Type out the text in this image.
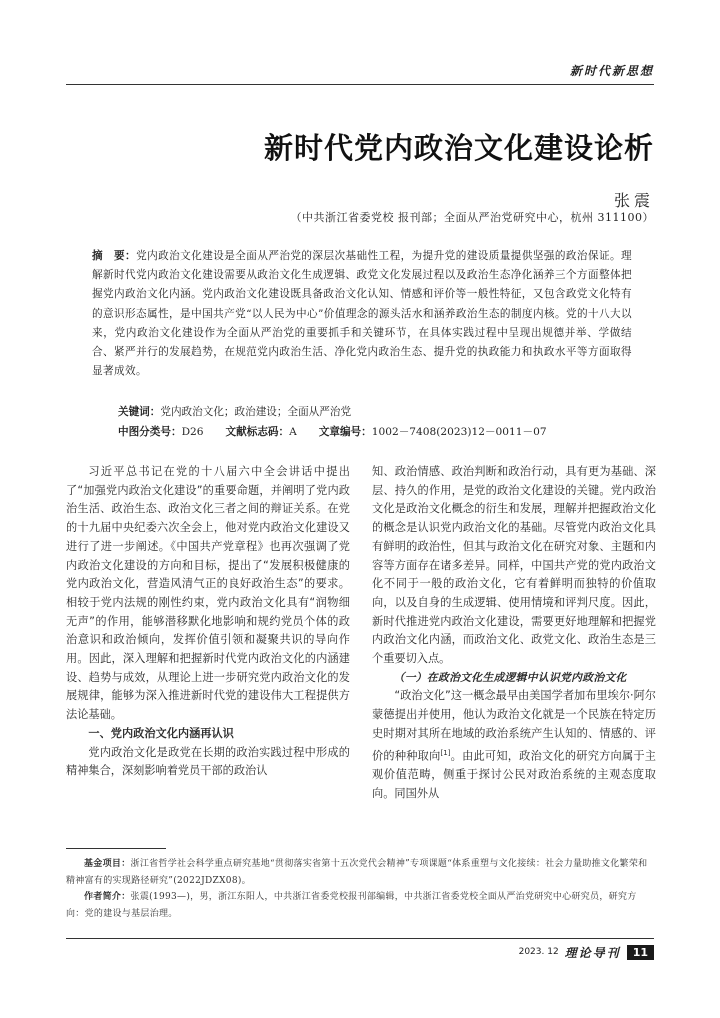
新时代新思想
新时代党内政治文化建设论析
张震
（中共浙江省委党校 报刊部；全面从严治党研究中心，杭州 311100）
摘　要：党内政治文化建设是全面从严治党的深层次基础性工程，为提升党的建设质量提供坚强的政治保证。理解新时代党内政治文化建设需要从政治文化生成逻辑、政党文化发展过程以及政治生态净化涵养三个方面整体把握党内政治文化内涵。党内政治文化建设既具备政治文化认知、情感和评价等一般性特征，又包含政党文化特有的意识形态属性，是中国共产党“以人民为中心”价值理念的源头活水和涵养政治生态的制度内核。党的十八大以来，党内政治文化建设作为全面从严治党的重要抓手和关键环节，在具体实践过程中呈现出规德并举、学做结合、紧严并行的发展趋势，在规范党内政治生活、净化党内政治生态、提升党的执政能力和执政水平等方面取得显著成效。
关键词：党内政治文化；政治建设；全面从严治党
中图分类号：D26 文献标志码：A 文章编号：1002－7408(2023)12－0011－07

习近平总书记在党的十八届六中全会讲话中提出了“加强党内政治文化建设”的重要命题，并阐明了党内政治生活、政治生态、政治文化三者之间的辩证关系。在党的十九届中央纪委六次全会上，他对党内政治文化建设又进行了进一步阐述。《中国共产党章程》也再次强调了党内政治文化建设的方向和目标，提出了“发展积极健康的党内政治文化，营造风清气正的良好政治生态”的要求。相较于党内法规的刚性约束，党内政治文化具有“润物细无声”的作用，能够潜移默化地影响和规约党员个体的政治意识和政治倾向，发挥价值引领和凝聚共识的导向作用。因此，深入理解和把握新时代党内政治文化的内涵建设、趋势与成效，从理论上进一步研究党内政治文化的发展规律，能够为深入推进新时代党的建设伟大工程提供方法论基础。

一、党内政治文化内涵再认识

党内政治文化是政党在长期的政治实践过程中形成的精神集合，深刻影响着党员干部的政治认

知、政治情感、政治判断和政治行动，具有更为基础、深层、持久的作用，是党的政治文化建设的关键。党内政治文化是政治文化概念的衍生和发展，理解并把握政治文化的概念是认识党内政治文化的基础。尽管党内政治文化具有鲜明的政治性，但其与政治文化在研究对象、主题和内容等方面存在诸多差异。同样，中国共产党的党内政治文化不同于一般的政治文化，它有着鲜明而独特的价值取向，以及自身的生成逻辑、使用情境和评判尺度。因此，新时代推进党内政治文化建设，需要更好地理解和把握党内政治文化内涵，而政治文化、政党文化、政治生态是三个重要切入点。

（一）在政治文化生成逻辑中认识党内政治文化

“政治文化”这一概念最早由美国学者加布里埃尔·阿尔蒙德提出并使用，他认为政治文化就是一个民族在特定历史时期对其所在地域的政治系统产生认知的、情感的、评价的种种取向[1]。由此可知，政治文化的研究方向属于主观价值范畴，侧重于探讨公民对政治系统的主观态度取向。同国外从

基金项目：浙江省哲学社会科学重点研究基地“贯彻落实省第十五次党代会精神”专项课题“体系重塑与文化接续：社会力量助推文化繁荣和精神富有的实现路径研究”(2022JDZX08)。

作者简介：张震(1993—)，男，浙江东阳人，中共浙江省委党校报刊部编辑，中共浙江省委党校全面从严治党研究中心研究员，研究方向：党的建设与基层治理。

2023. 12 理论导刊	11
